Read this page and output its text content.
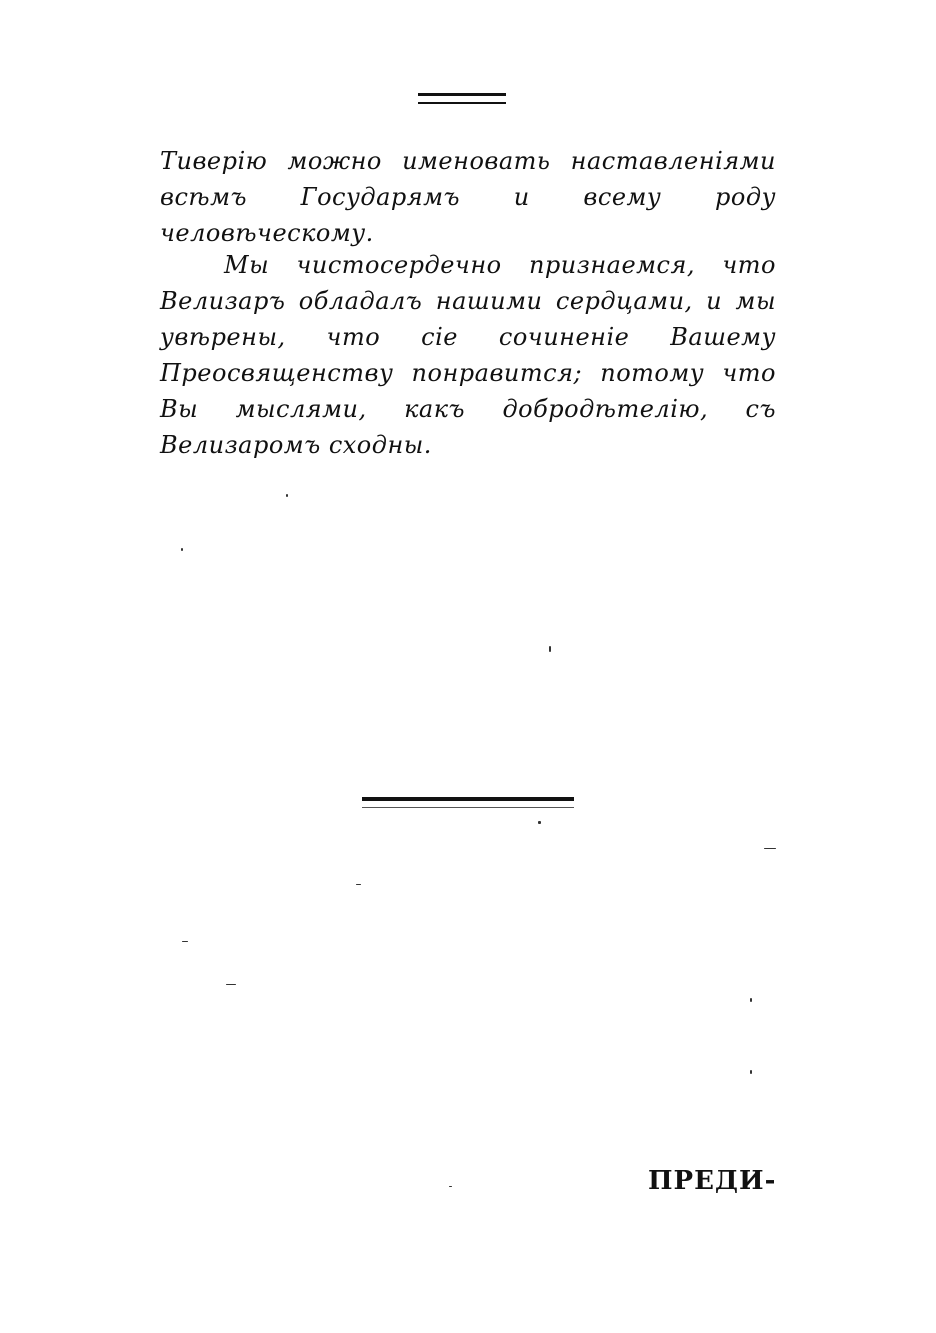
Тиверію можно именовать наставленіями всѣмъ Государямъ и всему роду человѣческому.

Мы чистосердечно признаемся, что Велизаръ обладалъ нашими сердцами, и мы увѣрены, что сіе сочиненіе Вашему Преосвященству понравится; потому что Вы мыслями, какъ добродѣтелію, съ Велизаромъ сходны.

ПРЕДИ-
